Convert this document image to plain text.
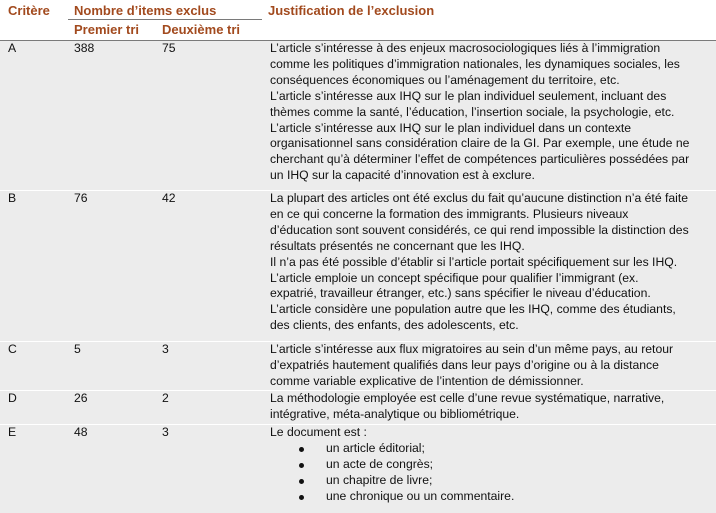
Critère Nombre d’items exclus	Justification de l’exclusion
Premier tri Deuxième tri
A	388	75	L’article s’intéresse à des enjeux macrosociologiques liés à l’immigration
comme les politiques d’immigration nationales, les dynamiques sociales, les
conséquences économiques ou l’aménagement du territoire, etc.
L’article s’intéresse aux IHQ sur le plan individuel seulement, incluant des
thèmes comme la santé, l’éducation, l’insertion sociale, la psychologie, etc.
L’article s’intéresse aux IHQ sur le plan individuel dans un contexte
organisationnel sans considération claire de la GI. Par exemple, une étude ne
cherchant qu’à déterminer l’effet de compétences particulières possédées par
un IHQ sur la capacité d’innovation est à exclure.
B	76	42	La plupart des articles ont été exclus du fait qu’aucune distinction n’a été faite
en ce qui concerne la formation des immigrants. Plusieurs niveaux
d’éducation sont souvent considérés, ce qui rend impossible la distinction des
résultats présentés ne concernant que les IHQ.
Il n’a pas été possible d’établir si l’article portait spécifiquement sur les IHQ.
L’article emploie un concept spécifique pour qualifier l’immigrant (ex.
expatrié, travailleur étranger, etc.) sans spécifier le niveau d’éducation.
L’article considère une population autre que les IHQ, comme des étudiants,
des clients, des enfants, des adolescents, etc.
C	5	3	L’article s’intéresse aux flux migratoires au sein d’un même pays, au retour
d’expatriés hautement qualifiés dans leur pays d’origine ou à la distance
comme variable explicative de l’intention de démissionner.
D	26	2	La méthodologie employée est celle d’une revue systématique, narrative,
intégrative, méta-analytique ou bibliométrique.
E	48	3	Le document est :
un article éditorial;
un acte de congrès;
un chapitre de livre;
une chronique ou un commentaire.
